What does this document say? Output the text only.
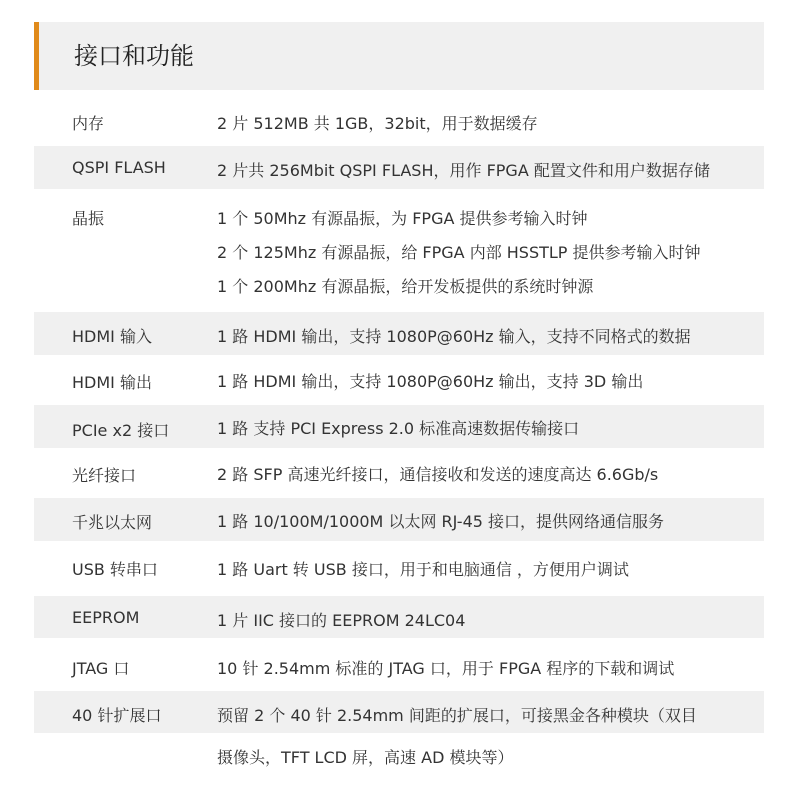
接口和功能
内存	2 片 512MB 共 1GB，32bit，用于数据缓存
QSPI FLASH	2 片共 256Mbit QSPI FLASH，用作 FPGA 配置文件和用户数据存储
晶振	1 个 50Mhz 有源晶振，为 FPGA 提供参考输入时钟
2 个 125Mhz 有源晶振，给 FPGA 内部 HSSTLP 提供参考输入时钟
1 个 200Mhz 有源晶振，给开发板提供的系统时钟源
HDMI 输入	1 路 HDMI 输出，支持 1080P@60Hz 输入，支持不同格式的数据
HDMI 输出	1 路 HDMI 输出，支持 1080P@60Hz 输出，支持 3D 输出
PCIe x2 接口	1 路 支持 PCI Express 2.0 标准高速数据传输接口
光纤接口	2 路 SFP 高速光纤接口，通信接收和发送的速度高达 6.6Gb/s
千兆以太网	1 路 10/100M/1000M 以太网 RJ-45 接口，提供网络通信服务
USB 转串口	1 路 Uart 转 USB 接口，用于和电脑通信 ，方便用户调试
EEPROM	1 片 IIC 接口的 EEPROM 24LC04
JTAG 口	10 针 2.54mm 标准的 JTAG 口，用于 FPGA 程序的下载和调试
40 针扩展口	预留 2 个 40 针 2.54mm 间距的扩展口，可接黑金各种模块（双目
摄像头，TFT LCD 屏，高速 AD 模块等）
